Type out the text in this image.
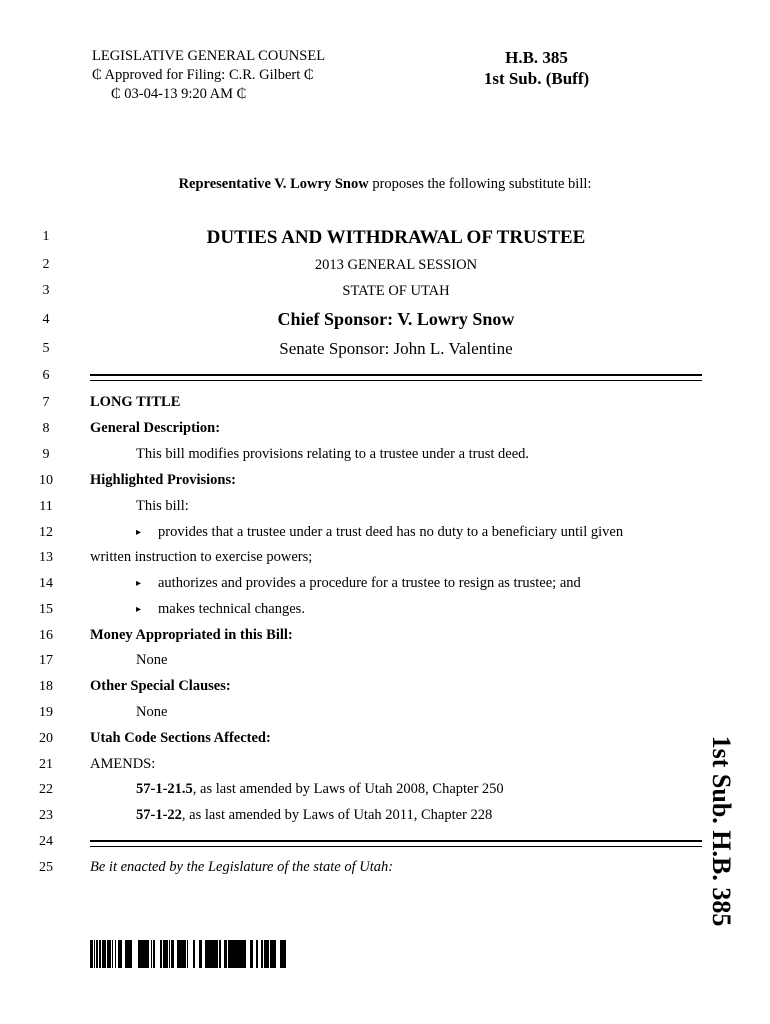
LEGISLATIVE GENERAL COUNSEL
₵ Approved for Filing: C.R. Gilbert ₵
₵ 03-04-13 9:20 AM ₵
H.B. 385
1st Sub. (Buff)
Representative V. Lowry Snow proposes the following substitute bill:
1
2
3
4
5
6
7
8
9
10
11
12
13
14
15
16
17
18
19
20
21
22
23
24
25
DUTIES AND WITHDRAWAL OF TRUSTEE
2013 GENERAL SESSION
STATE OF UTAH
Chief Sponsor: V. Lowry Snow
Senate Sponsor: John L. Valentine
LONG TITLE
General Description:
This bill modifies provisions relating to a trustee under a trust deed.
Highlighted Provisions:
This bill:
▸ provides that a trustee under a trust deed has no duty to a beneficiary until given
written instruction to exercise powers;
▸ authorizes and provides a procedure for a trustee to resign as trustee; and
▸ makes technical changes.
Money Appropriated in this Bill:
None
Other Special Clauses:
None
Utah Code Sections Affected:
AMENDS:
57-1-21.5, as last amended by Laws of Utah 2008, Chapter 250
57-1-22, as last amended by Laws of Utah 2011, Chapter 228
Be it enacted by the Legislature of the state of Utah:	1st Sub. H.B. 385
